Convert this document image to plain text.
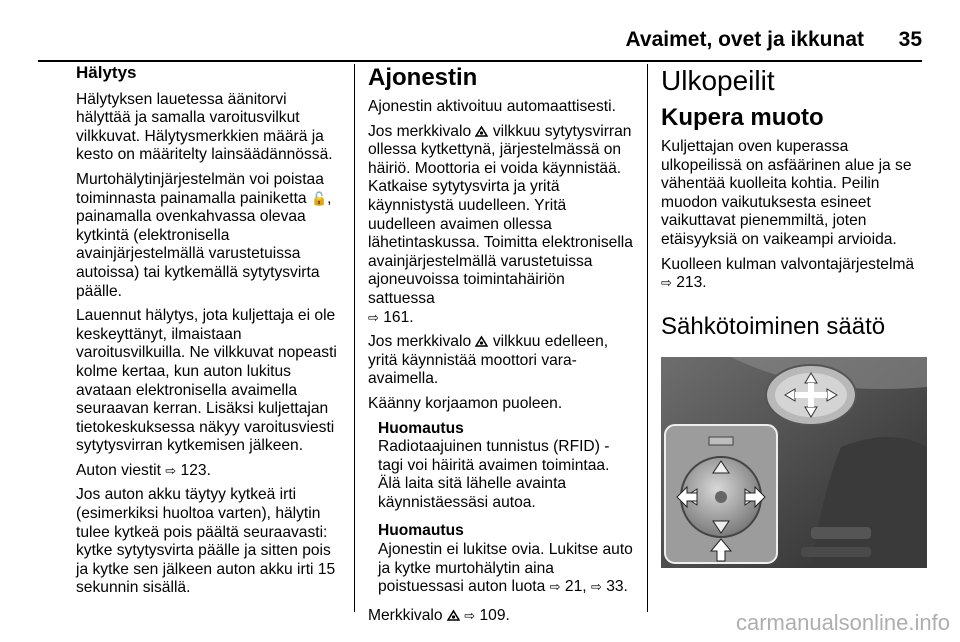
Avaimet, ovet ja ikkunat 35
Hälytys

Hälytyksen lauetessa äänitorvi hälyttää ja samalla varoitusvilkut vilkkuvat. Hälytysmerkkien määrä ja kesto on määritelty lainsäädännössä.

Murtohälytinjärjestelmän voi poistaa toiminnasta painamalla painiketta 🔓, painamalla ovenkahvassa olevaa kytkintä (elektronisella avainjärjestelmällä varustetuissa autoissa) tai kytkemällä sytytysvirta päälle.

Lauennut hälytys, jota kuljettaja ei ole keskeyttänyt, ilmaistaan varoitusvilkuilla. Ne vilkkuvat nopeasti kolme kertaa, kun auton lukitus avataan elektronisella avaimella seuraavan kerran. Lisäksi kuljettajan tietokeskuksessa näkyy varoitusviesti sytytysvirran kytkemisen jälkeen.

Auton viestit ⇨ 123.

Jos auton akku täytyy kytkeä irti (esimerkiksi huoltoa varten), hälytin tulee kytkeä pois päältä seuraavasti: kytke sytytysvirta päälle ja sitten pois ja kytke sen jälkeen auton akku irti 15 sekunnin sisällä.

Ajonestin

Ajonestin aktivoituu automaattisesti.

Jos merkkivalo vilkkuu sytytysvirran ollessa kytkettynä, järjestelmässä on häiriö. Moottoria ei voida käynnistää. Katkaise sytytysvirta ja yritä käynnistystä uudelleen. Yritä uudelleen avaimen ollessa lähetintaskussa. Toimitta elektronisella avainjärjestelmällä varustetuissa ajoneuvoissa toimintahäiriön sattuessa
⇨ 161.

Jos merkkivalo vilkkuu edelleen, yritä käynnistää moottori vara-avaimella.

Käänny korjaamon puoleen.

Huomautus
Radiotaajuinen tunnistus (RFID) -tagi voi häiritä avaimen toimintaa. Älä laita sitä lähelle avainta käynnistäessäsi autoa.
Huomautus
Ajonestin ei lukitse ovia. Lukitse auto ja kytke murtohälytin aina poistuessasi auton luota ⇨ 21, ⇨ 33.

Merkkivalo ⇨ 109.

Ulkopeilit
Kupera muoto

Kuljettajan oven kuperassa ulkopeilissä on asfäärinen alue ja se vähentää kuolleita kohtia. Peilin muodon vaikutuksesta esineet vaikuttavat pienemmiltä, joten etäisyyksiä on vaikeampi arvioida.

Kuolleen kulman valvontajärjestelmä
⇨ 213.

Sähkötoiminen säätö
carmanualsonline.info
